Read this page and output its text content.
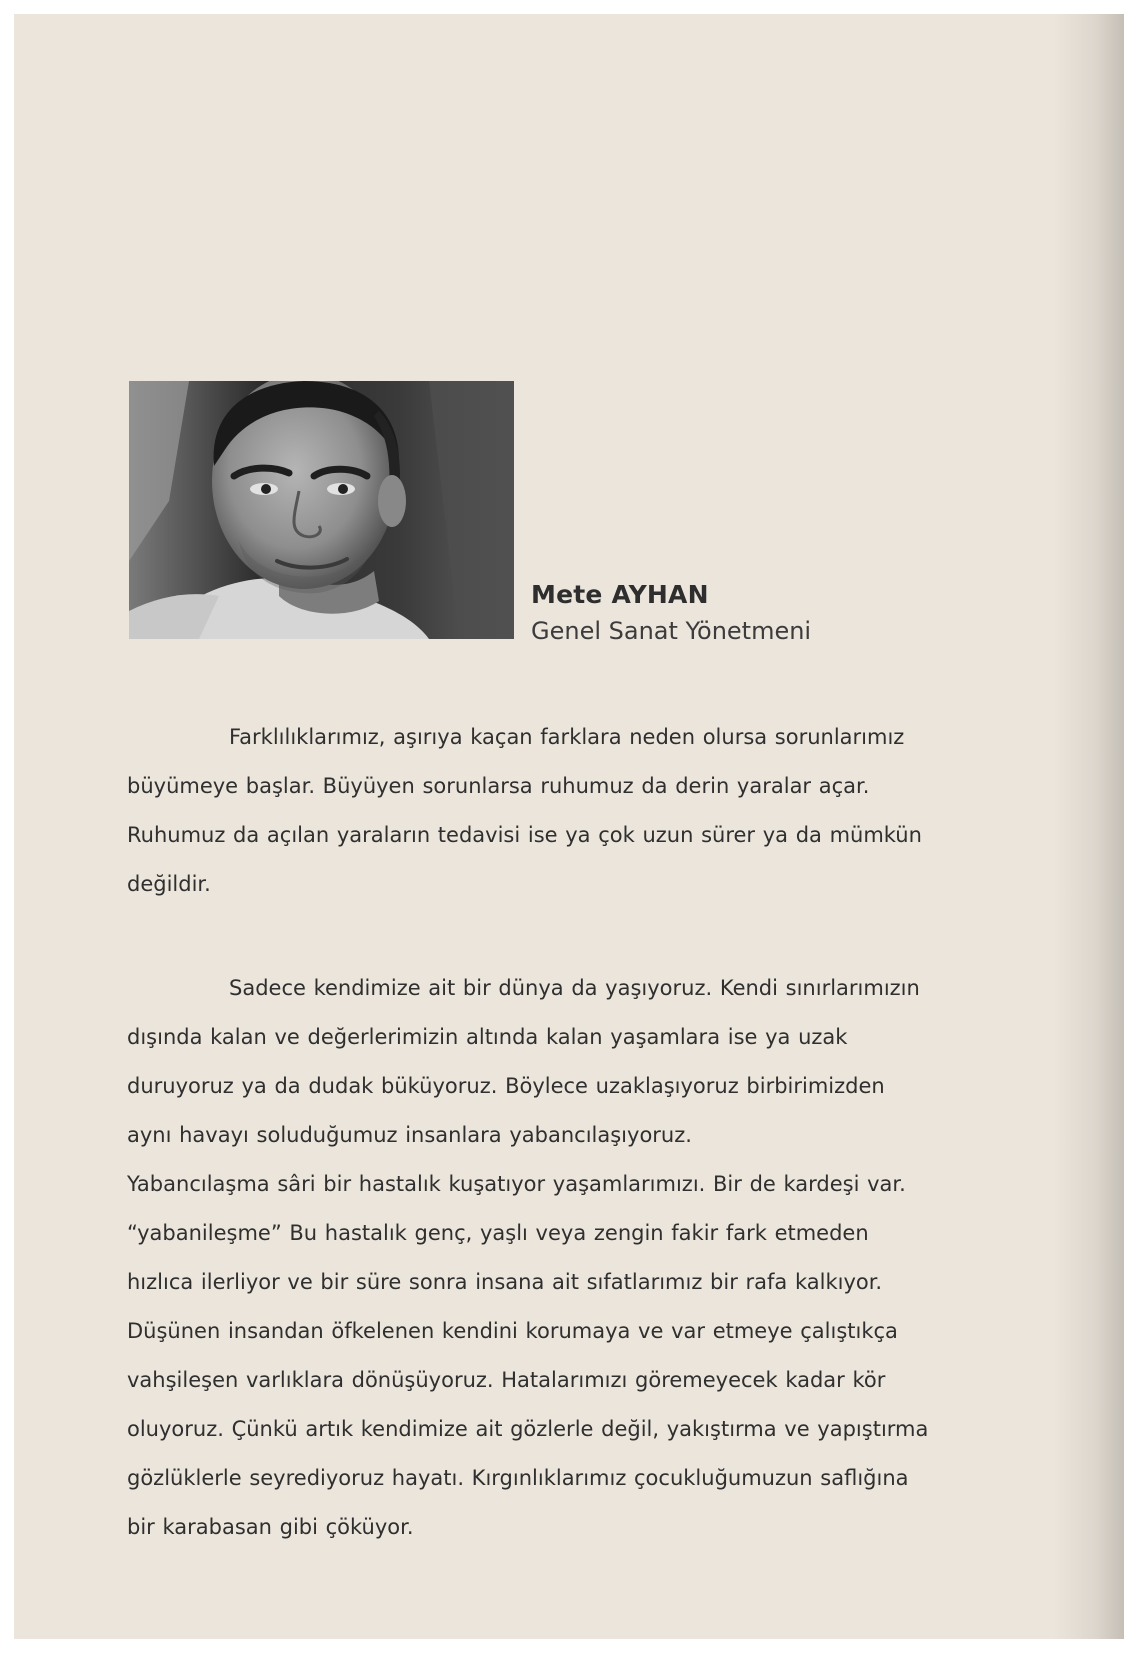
Mete AYHAN
Genel Sanat Yönetmeni
Farklılıklarımız, aşırıya kaçan farklara neden olursa sorunlarımız
büyümeye başlar. Büyüyen sorunlarsa ruhumuz da derin yaralar açar.
Ruhumuz da açılan yaraların tedavisi ise ya çok uzun sürer ya da mümkün
değildir.
Sadece kendimize ait bir dünya da yaşıyoruz. Kendi sınırlarımızın
dışında kalan ve değerlerimizin altında kalan yaşamlara ise ya uzak
duruyoruz ya da dudak büküyoruz. Böylece uzaklaşıyoruz birbirimizden
aynı havayı soluduğumuz insanlara yabancılaşıyoruz.
Yabancılaşma sâri bir hastalık kuşatıyor yaşamlarımızı. Bir de kardeşi var.
“yabanileşme” Bu hastalık genç, yaşlı veya zengin fakir fark etmeden
hızlıca ilerliyor ve bir süre sonra insana ait sıfatlarımız bir rafa kalkıyor.
Düşünen insandan öfkelenen kendini korumaya ve var etmeye çalıştıkça
vahşileşen varlıklara dönüşüyoruz. Hatalarımızı göremeyecek kadar kör
oluyoruz. Çünkü artık kendimize ait gözlerle değil, yakıştırma ve yapıştırma
gözlüklerle seyrediyoruz hayatı. Kırgınlıklarımız çocukluğumuzun saflığına
bir karabasan gibi çöküyor.
